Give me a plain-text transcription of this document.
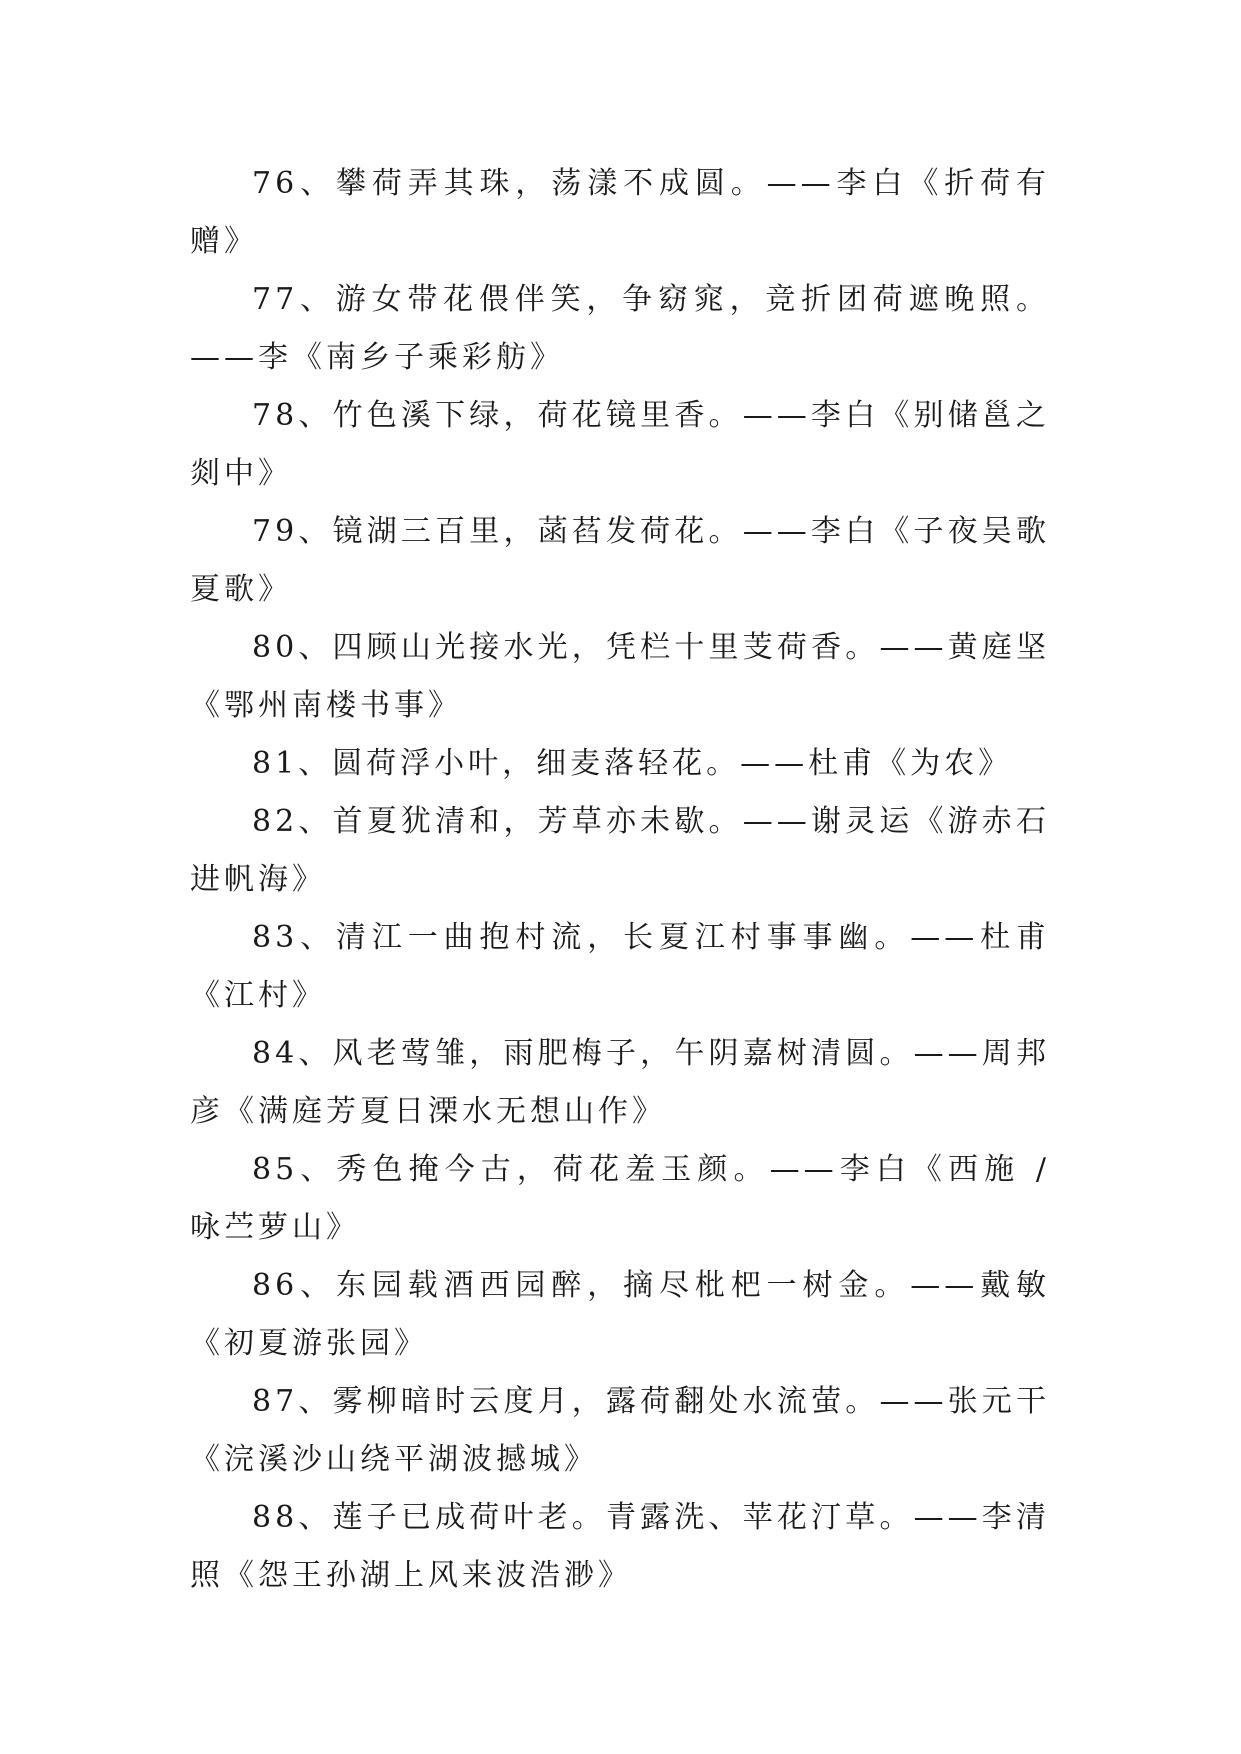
76、攀荷弄其珠，荡漾不成圆。——李白《折荷有赠》

77、游女带花偎伴笑，争窈窕，竞折团荷遮晚照。——李《南乡子乘彩舫》

78、竹色溪下绿，荷花镜里香。——李白《别储邕之剡中》

79、镜湖三百里，菡萏发荷花。——李白《子夜吴歌夏歌》

80、四顾山光接水光，凭栏十里芰荷香。——黄庭坚《鄂州南楼书事》

81、圆荷浮小叶，细麦落轻花。——杜甫《为农》

82、首夏犹清和，芳草亦未歇。——谢灵运《游赤石进帆海》

83、清江一曲抱村流，长夏江村事事幽。——杜甫《江村》

84、风老莺雏，雨肥梅子，午阴嘉树清圆。——周邦彦《满庭芳夏日溧水无想山作》

85、秀色掩今古，荷花羞玉颜。——李白《西施 / 咏苎萝山》

86、东园载酒西园醉，摘尽枇杷一树金。——戴敏《初夏游张园》

87、雾柳暗时云度月，露荷翻处水流萤。——张元干《浣溪沙山绕平湖波撼城》

88、莲子已成荷叶老。青露洗、苹花汀草。——李清照《怨王孙湖上风来波浩渺》
